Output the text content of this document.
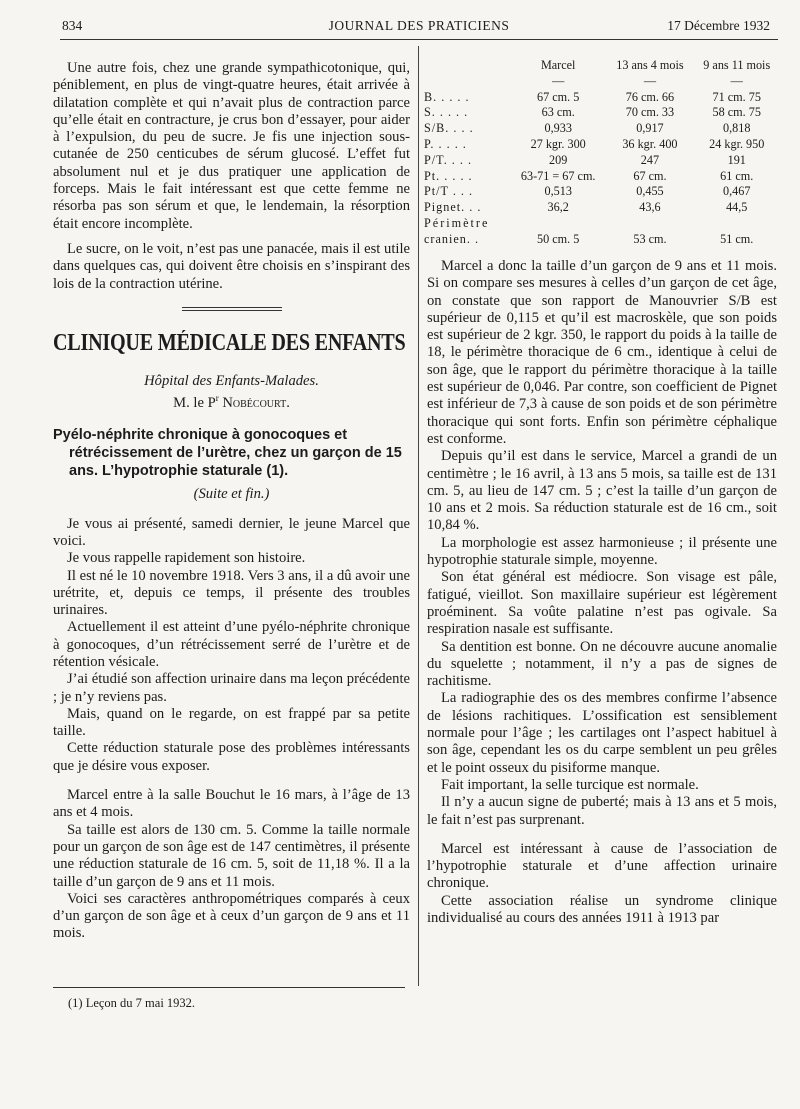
834	JOURNAL DES PRATICIENS	17 Décembre 1932

Une autre fois, chez une grande sympathicotonique, qui, péniblement, en plus de vingt-quatre heures, était arrivée à dilatation complète et qui n’avait plus de contraction parce qu’elle était en contracture, je crus bon d’essayer, pour aider à l’expulsion, du peu de sucre. Je fis une injection sous-cutanée de 250 centicubes de sérum glucosé. L’effet fut absolument nul et je dus pratiquer une application de forceps. Mais le fait intéressant est que cette femme ne résorba pas son sérum et que, le lendemain, la résorption était encore incomplète.

Le sucre, on le voit, n’est pas une panacée, mais il est utile dans quelques cas, qui doivent être choisis en s’inspirant des lois de la contraction utérine.

CLINIQUE MÉDICALE DES ENFANTS

Hôpital des Enfants-Malades.

M. le $P^r$ Nobécourt.

Pyélo-néphrite chronique à gonocoques et rétrécissement de l’urètre, chez un garçon de 15 ans. L’hypotrophie staturale (1).

(Suite et fin.)

Je vous ai présenté, samedi dernier, le jeune Marcel que voici.

Je vous rappelle rapidement son histoire.

Il est né le 10 novembre 1918. Vers 3 ans, il a dû avoir une urétrite, et, depuis ce temps, il présente des troubles urinaires.

Actuellement il est atteint d’une pyélo-néphrite chronique à gonocoques, d’un rétrécissement serré de l’urètre et de rétention vésicale.

J’ai étudié son affection urinaire dans ma leçon précédente ; je n’y reviens pas.

Mais, quand on le regarde, on est frappé par sa petite taille.

Cette réduction staturale pose des problèmes intéressants que je désire vous exposer.

Marcel entre à la salle Bouchut le 16 mars, à l’âge de 13 ans et 4 mois.

Sa taille est alors de 130 cm. 5. Comme la taille normale pour un garçon de son âge est de 147 centimètres, il présente une réduction staturale de 16 cm. 5, soit de 11,18 %. Il a la taille d’un garçon de 9 ans et 11 mois.

Voici ses caractères anthropométriques comparés à ceux d’un garçon de son âge et à ceux d’un garçon de 9 ans et 11 mois.

(1) Leçon du 7 mai 1932.
	Marcel	13 ans 4 mois	9 ans 11 mois
	—	—	—
B. . . . .	67 cm. 5	76 cm. 66	71 cm. 75
S. . . . .	63 cm.	70 cm. 33	58 cm. 75
S/B. . . .	0,933	0,917	0,818
P. . . . .	27 kgr. 300	36 kgr. 400	24 kgr. 950
P/T. . . .	209	247	191
Pt. . . . .	63-71 = 67 cm.	67 cm.	61 cm.
Pt/T . . .	0,513	0,455	0,467
Pignet. . .	36,2	43,6	44,5
Périmètre			
cranien. .	50 cm. 5	53 cm.	51 cm.

Marcel a donc la taille d’un garçon de 9 ans et 11 mois. Si on compare ses mesures à celles d’un garçon de cet âge, on constate que son rapport de Manouvrier S/B est supérieur de 0,115 et qu’il est macroskèle, que son poids est supérieur de 2 kgr. 350, le rapport du poids à la taille de 18, le périmètre thoracique de 6 cm., identique à celui de son âge, que le rapport du périmètre thoracique à la taille est supérieur de 0,046. Par contre, son coefficient de Pignet est inférieur de 7,3 à cause de son poids et de son périmètre thoracique qui sont forts. Enfin son périmètre céphalique est conforme.

Depuis qu’il est dans le service, Marcel a grandi de un centimètre ; le 16 avril, à 13 ans 5 mois, sa taille est de 131 cm. 5, au lieu de 147 cm. 5 ; c’est la taille d’un garçon de 10 ans et 2 mois. Sa réduction staturale est de 16 cm., soit 10,84 %.

La morphologie est assez harmonieuse ; il présente une hypotrophie staturale simple, moyenne.

Son état général est médiocre. Son visage est pâle, fatigué, vieillot. Son maxillaire supérieur est légèrement proéminent. Sa voûte palatine n’est pas ogivale. Sa respiration nasale est suffisante.

Sa dentition est bonne. On ne découvre aucune anomalie du squelette ; notamment, il n’y a pas de signes de rachitisme.

La radiographie des os des membres confirme l’absence de lésions rachitiques. L’ossification est sensiblement normale pour l’âge ; les cartilages ont l’aspect habituel à son âge, cependant les os du carpe semblent un peu grêles et le point osseux du pisiforme manque.

Fait important, la selle turcique est normale.

Il n’y a aucun signe de puberté; mais à 13 ans et 5 mois, le fait n’est pas surprenant.

Marcel est intéressant à cause de l’association de l’hypotrophie staturale et d’une affection urinaire chronique.

Cette association réalise un syndrome clinique individualisé au cours des années 1911 à 1913 par
